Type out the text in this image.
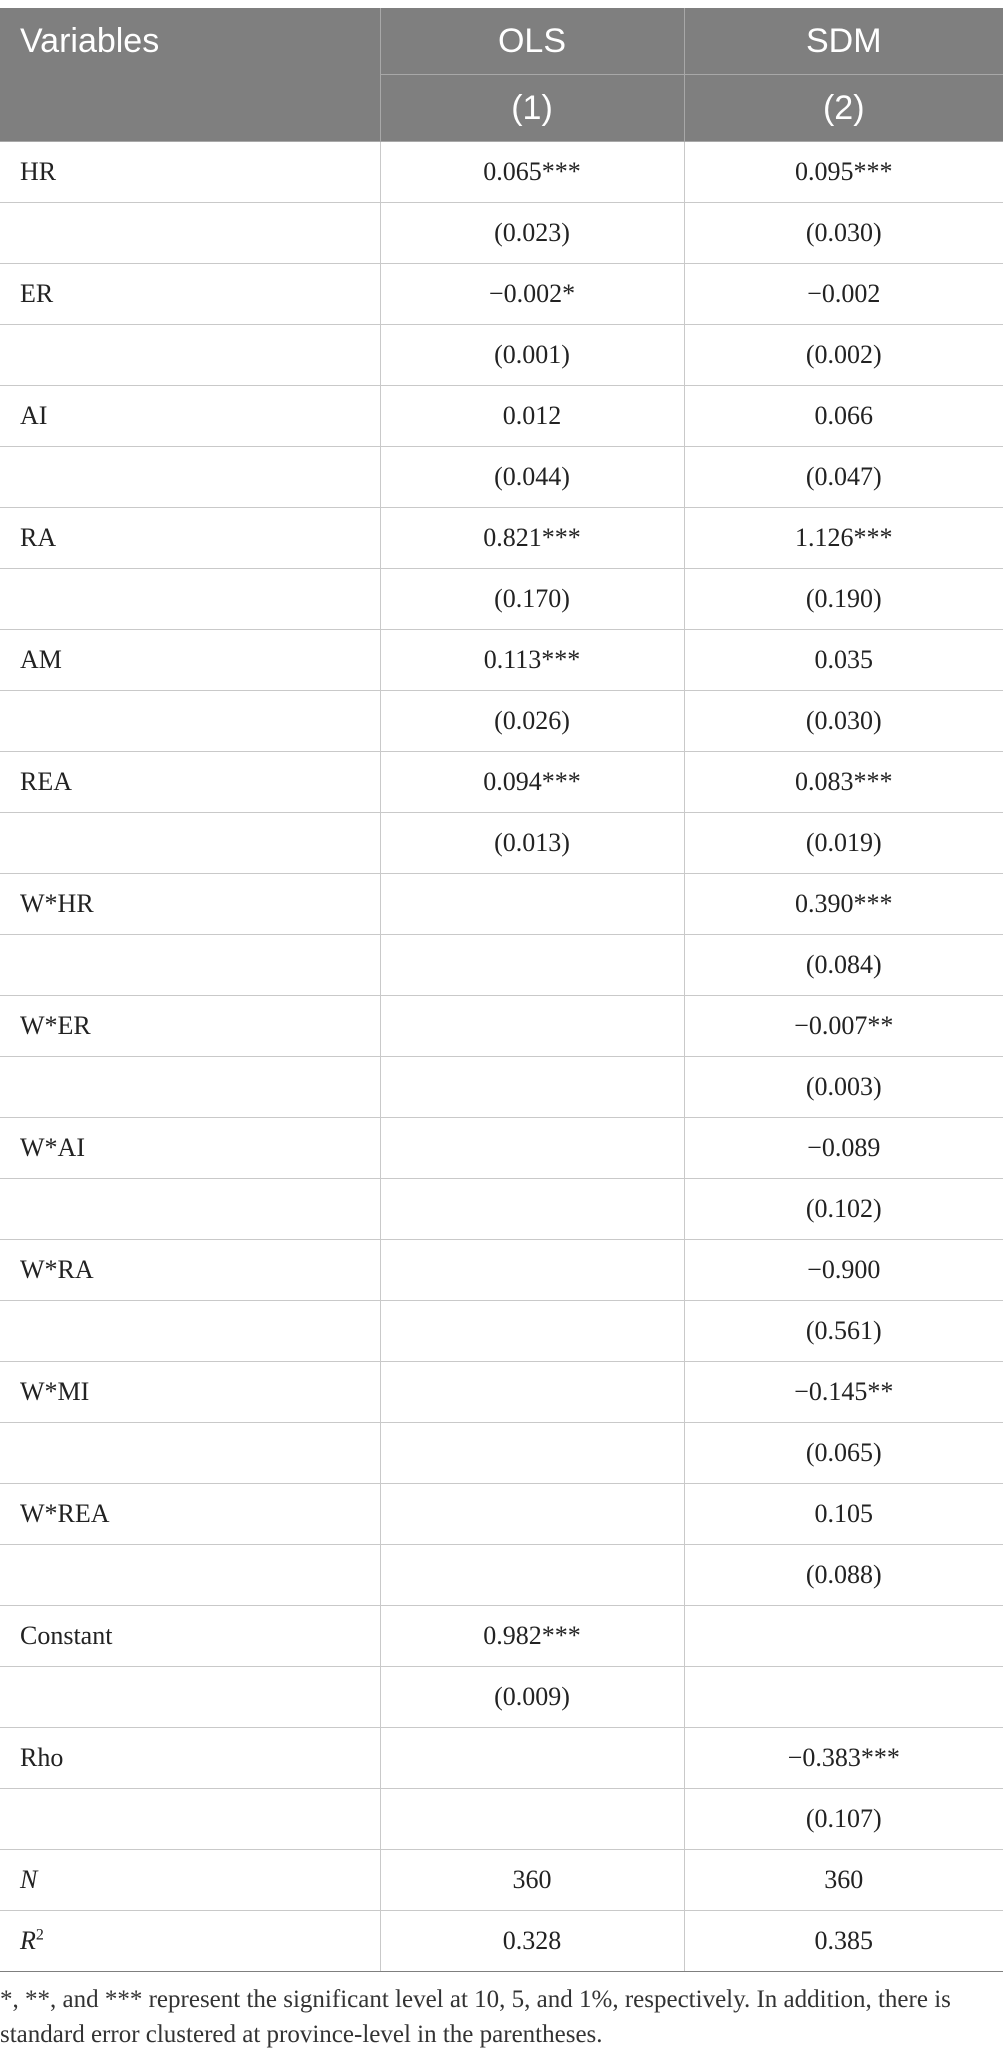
Variables	OLS	SDM
	(1)	(2)
HR	0.065***	0.095***
	(0.023)	(0.030)
ER	−0.002*	−0.002
	(0.001)	(0.002)
AI	0.012	0.066
	(0.044)	(0.047)
RA	0.821***	1.126***
	(0.170)	(0.190)
AM	0.113***	0.035
	(0.026)	(0.030)
REA	0.094***	0.083***
	(0.013)	(0.019)
W*HR		0.390***
		(0.084)
W*ER		−0.007**
		(0.003)
W*AI		−0.089
		(0.102)
W*RA		−0.900
		(0.561)
W*MI		−0.145**
		(0.065)
W*REA		0.105
		(0.088)
Constant	0.982***	
	(0.009)	
Rho		−0.383***
		(0.107)
N	360	360
$R^2$	0.328	0.385
*, **, and *** represent the significant level at 10, 5, and 1%, respectively. In addition, there is standard error clustered at province-level in the parentheses.
